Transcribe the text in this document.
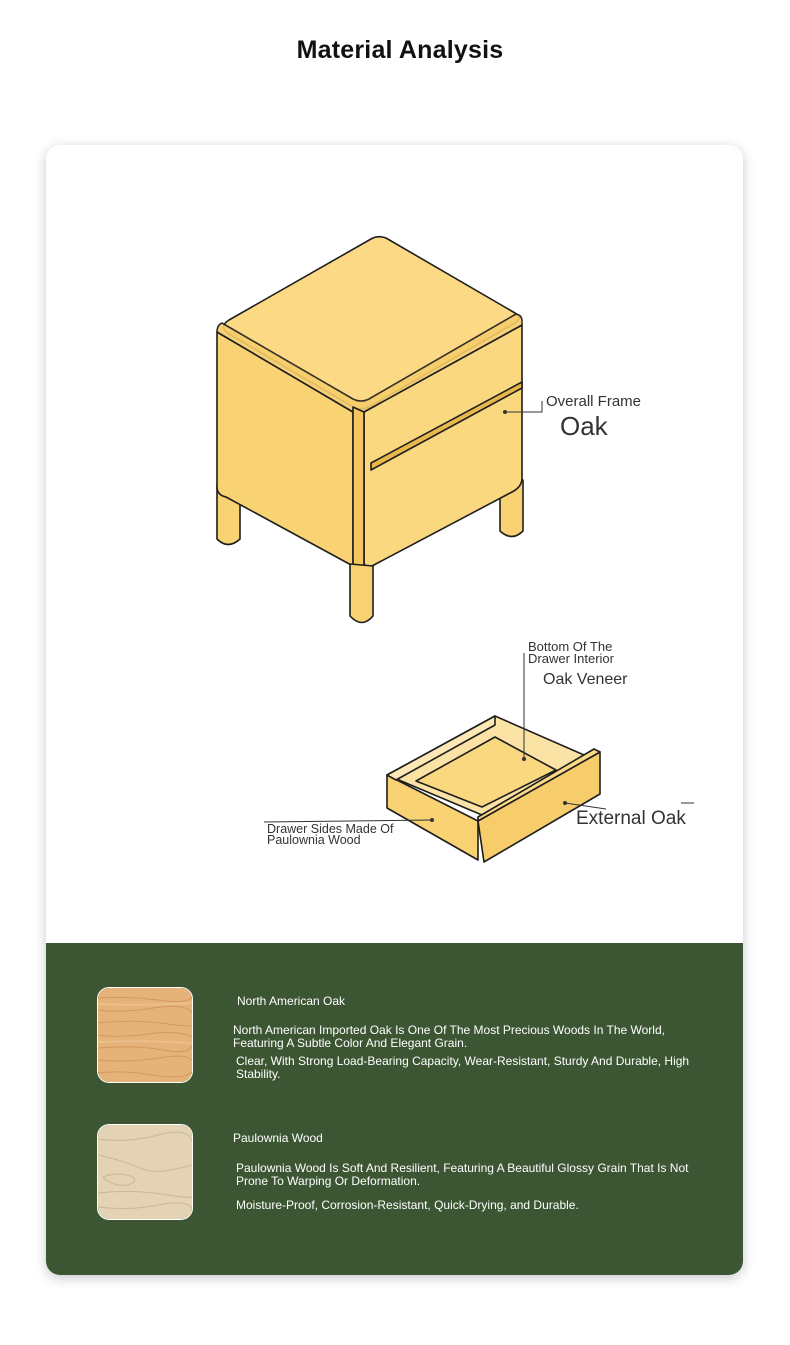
Material Analysis
Overall Frame
Oak
Bottom Of The
Drawer Interior
Oak Veneer
External Oak
Drawer Sides Made Of
Paulownia Wood
North American Oak
North American Imported Oak Is One Of The Most Precious Woods In The World, Featuring A Subtle Color And Elegant Grain.
Clear, With Strong Load-Bearing Capacity, Wear-Resistant, Sturdy And Durable, High Stability.
Paulownia Wood
Paulownia Wood Is Soft And Resilient, Featuring A Beautiful Glossy Grain That Is Not Prone To Warping Or Deformation.
Moisture-Proof, Corrosion-Resistant, Quick-Drying, and Durable.
